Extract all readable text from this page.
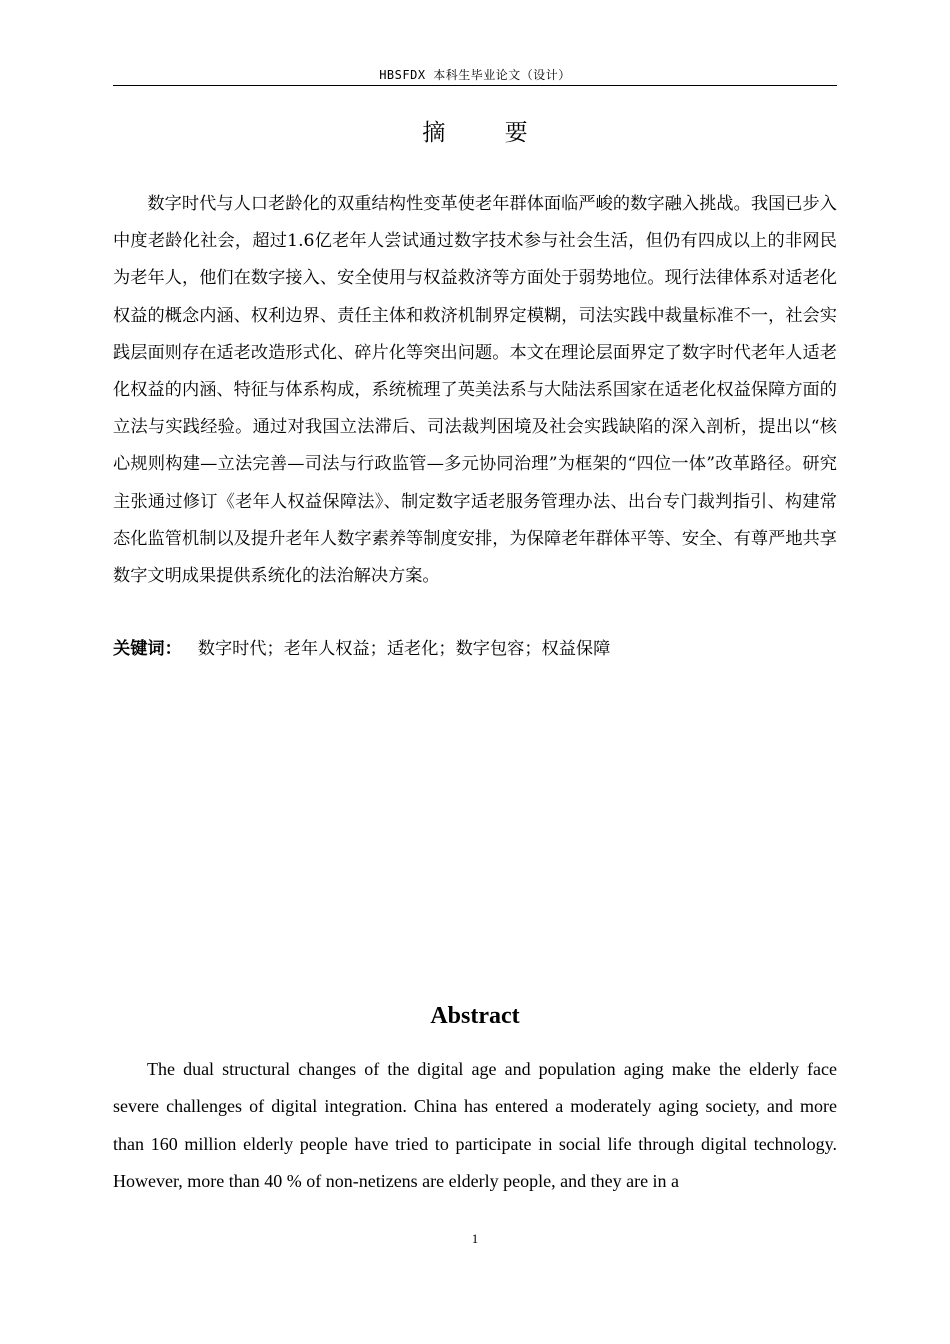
HBSFDX 本科生毕业论文（设计）
摘 要

数字时代与人口老龄化的双重结构性变革使老年群体面临严峻的数字融入挑战。我国已步入中度老龄化社会，超过1.6亿老年人尝试通过数字技术参与社会生活，但仍有四成以上的非网民为老年人，他们在数字接入、安全使用与权益救济等方面处于弱势地位。现行法律体系对适老化权益的概念内涵、权利边界、责任主体和救济机制界定模糊，司法实践中裁量标准不一，社会实践层面则存在适老改造形式化、碎片化等突出问题。本文在理论层面界定了数字时代老年人适老化权益的内涵、特征与体系构成，系统梳理了英美法系与大陆法系国家在适老化权益保障方面的立法与实践经验。通过对我国立法滞后、司法裁判困境及社会实践缺陷的深入剖析，提出以“核心规则构建—立法完善—司法与行政监管—多元协同治理”为框架的“四位一体”改革路径。研究主张通过修订《老年人权益保障法》、制定数字适老服务管理办法、出台专门裁判指引、构建常态化监管机制以及提升老年人数字素养等制度安排，为保障老年群体平等、安全、有尊严地共享数字文明成果提供系统化的法治解决方案。

关键词： 数字时代；老年人权益；适老化；数字包容；权益保障
Abstract

The dual structural changes of the digital age and population aging make the elderly face severe challenges of digital integration. China has entered a moderately aging society, and more than 160 million elderly people have tried to participate in social life through digital technology. However, more than 40 % of non-netizens are elderly people, and they are in a

1
